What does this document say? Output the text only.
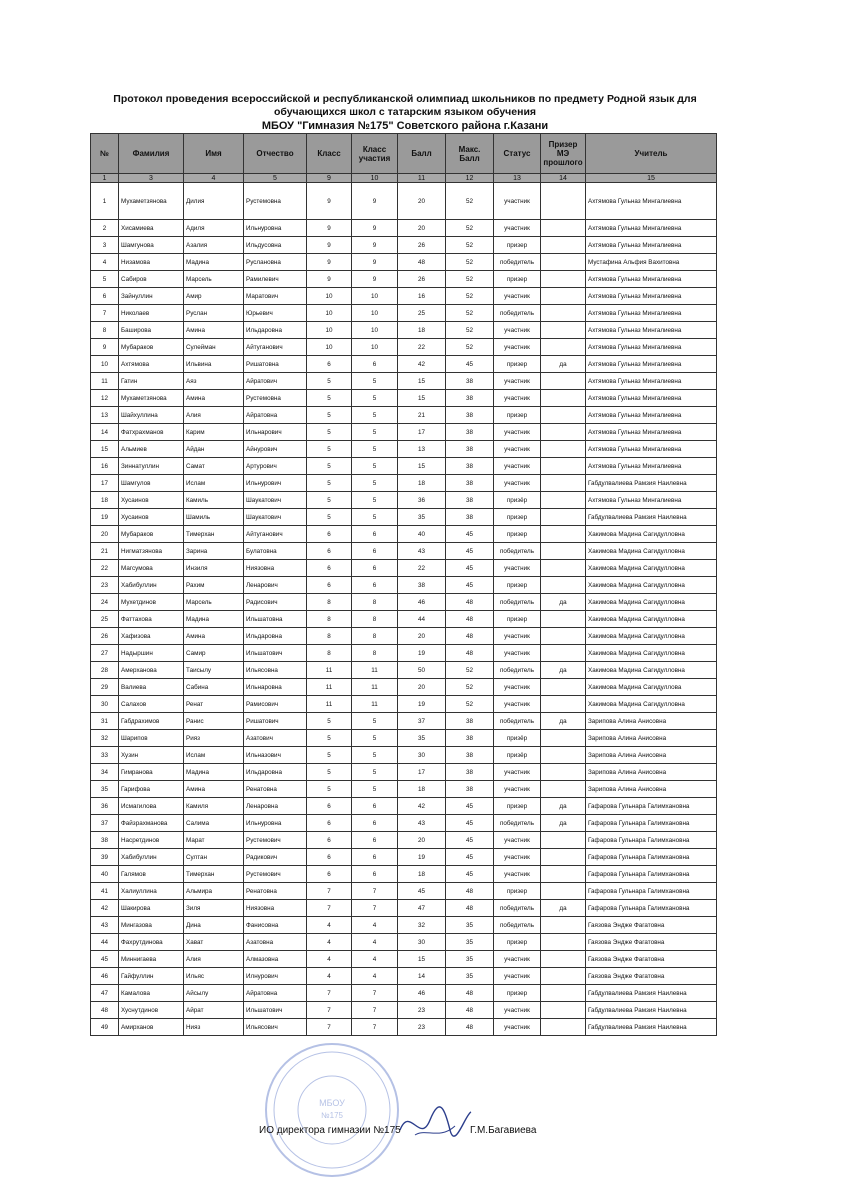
Протокол проведения всероссийской и республиканской олимпиад школьников по предмету Родной язык для обучающихся школ с татарским языком обучения
МБОУ "Гимназия №175" Советского района г.Казани
№	Фамилия	Имя	Отчество	Класс	Класс участия	Балл	Макс. Балл	Статус	Призер МЭ прошлого	Учитель
1	3	4	5	9	10	11	12	13	14	15
1	Мухаметзянова	Дилия	Рустемовна	9	9	20	52	участник		Ахтямова Гульназ Мингалиевна
2	Хисамиева	Адиля	Ильнуровна	9	9	20	52	участник		Ахтямова Гульназ Мингалиевна
3	Шамгунова	Азалия	Ильдусовна	9	9	26	52	призер		Ахтямова Гульназ Мингалиевна
4	Низамова	Мадина	Руслановна	9	9	48	52	победитель		Мустафина Альфия Вахитовна
5	Сабиров	Марсель	Рамилевич	9	9	26	52	призер		Ахтямова Гульназ Мингалиевна
6	Зайнуллин	Амир	Маратович	10	10	16	52	участник		Ахтямова Гульназ Мингалиевна
7	Николаев	Руслан	Юрьевич	10	10	25	52	победитель		Ахтямова Гульназ Мингалиевна
8	Баширова	Амина	Ильдаровна	10	10	18	52	участник		Ахтямова Гульназ Мингалиевна
9	Мубараков	Сулейман	Айтуганович	10	10	22	52	участник		Ахтямова Гульназ Мингалиевна
10	Ахтямова	Ильвина	Ришатовна	6	6	42	45	призер	да	Ахтямова Гульназ Мингалиевна
11	Гатин	Аяз	Айратович	5	5	15	38	участник		Ахтямова Гульназ Мингалиевна
12	Мухаметзянова	Амина	Рустемовна	5	5	15	38	участник		Ахтямова Гульназ Мингалиевна
13	Шайхуллина	Алия	Айратовна	5	5	21	38	призер		Ахтямова Гульназ Мингалиевна
14	Фатхрахманов	Карим	Ильнарович	5	5	17	38	участник		Ахтямова Гульназ Мингалиевна
15	Альмиев	Айдан	Айнурович	5	5	13	38	участник		Ахтямова Гульназ Мингалиевна
16	Зиннатуллин	Самат	Артурович	5	5	15	38	участник		Ахтямова Гульназ Мингалиевна
17	Шамгулов	Ислам	Ильнурович	5	5	18	38	участник		Габдулвалиева Рамзия Наилевна
18	Хусаинов	Камиль	Шаукатович	5	5	36	38	призёр		Ахтямова Гульназ Мингалиевна
19	Хусаинов	Шамиль	Шаукатович	5	5	35	38	призер		Габдулвалиева Рамзия Наилевна
20	Мубараков	Тимерхан	Айтуганович	6	6	40	45	призер		Хакимова Мадина Сагидулловна
21	Нигматзянова	Зарина	Булатовна	6	6	43	45	победитель		Хакимова Мадина Сагидулловна
22	Магсумова	Инзиля	Ниязовна	6	6	22	45	участник		Хакимова Мадина Сагидулловна
23	Хабибуллин	Рахим	Ленарович	6	6	38	45	призер		Хакимова Мадина Сагидулловна
24	Мухетдинов	Марсель	Радисович	8	8	46	48	победитель	да	Хакимова Мадина Сагидулловна
25	Фаттахова	Мадина	Ильшатовна	8	8	44	48	призер		Хакимова Мадина Сагидулловна
26	Хафизова	Амина	Ильдаровна	8	8	20	48	участник		Хакимова Мадина Сагидулловна
27	Надыршин	Самир	Ильшатович	8	8	19	48	участник		Хакимова Мадина Сагидулловна
28	Амерханова	Таисылу	Ильясовна	11	11	50	52	победитель	да	Хакимова Мадина Сагидулловна
29	Валиева	Сабина	Ильнаровна	11	11	20	52	участник		Хакимова Мадина Сагидуллова
30	Салахов	Ренат	Рамисович	11	11	19	52	участник		Хакимова Мадина Сагидулловна
31	Габдрахимов	Ранис	Ришатович	5	5	37	38	победитель	да	Зарипова Алина Анисовна
32	Шарипов	Рияз	Азатович	5	5	35	38	призёр		Зарипова Алина Анисовна
33	Хузин	Ислам	Ильназович	5	5	30	38	призёр		Зарипова Алина Анисовна
34	Гимранова	Мадина	Ильдаровна	5	5	17	38	участник		Зарипова Алина Анисовна
35	Гарифова	Амина	Ренатовна	5	5	18	38	участник		Зарипова Алина Анисовна
36	Исмагилова	Камиля	Ленаровна	6	6	42	45	призер	да	Гафарова Гульнара Галимхановна
37	Файзрахманова	Салима	Ильнуровна	6	6	43	45	победитель	да	Гафарова Гульнара Галимхановна
38	Насретдинов	Марат	Рустемович	6	6	20	45	участник		Гафарова Гульнара Галимхановна
39	Хабибуллин	Султан	Радикович	6	6	19	45	участник		Гафарова Гульнара Галимхановна
40	Галямов	Тимерхан	Рустемович	6	6	18	45	участник		Гафарова Гульнара Галимхановна
41	Халиуллина	Альмира	Ренатовна	7	7	45	48	призер		Гафарова Гульнара Галимхановна
42	Шакирова	Зиля	Ниязовна	7	7	47	48	победитель	да	Гафарова Гульнара Галимхановна
43	Мингазова	Дина	Фанисовна	4	4	32	35	победитель		Гаязова Эндже Фагатовна
44	Фахрутдинова	Хават	Азатовна	4	4	30	35	призер		Гаязова Эндже Фагатовна
45	Миннигаева	Алия	Алмазовна	4	4	15	35	участник		Гаязова Эндже Фагатовна
46	Гайфуллин	Ильяс	Илнурович	4	4	14	35	участник		Гаязова Эндже Фагатовна
47	Камалова	Айсылу	Айратовна	7	7	46	48	призер		Габдулвалиева Рамзия Наилевна
48	Хуснутдинов	Айрат	Ильшатович	7	7	23	48	участник		Габдулвалиева Рамзия Наилевна
49	Амирханов	Нияз	Ильясович	7	7	23	48	участник		Габдулвалиева Рамзия Наилевна
МБОУ
№175
ИО директора гимназии №175	Г.М.Багавиева
